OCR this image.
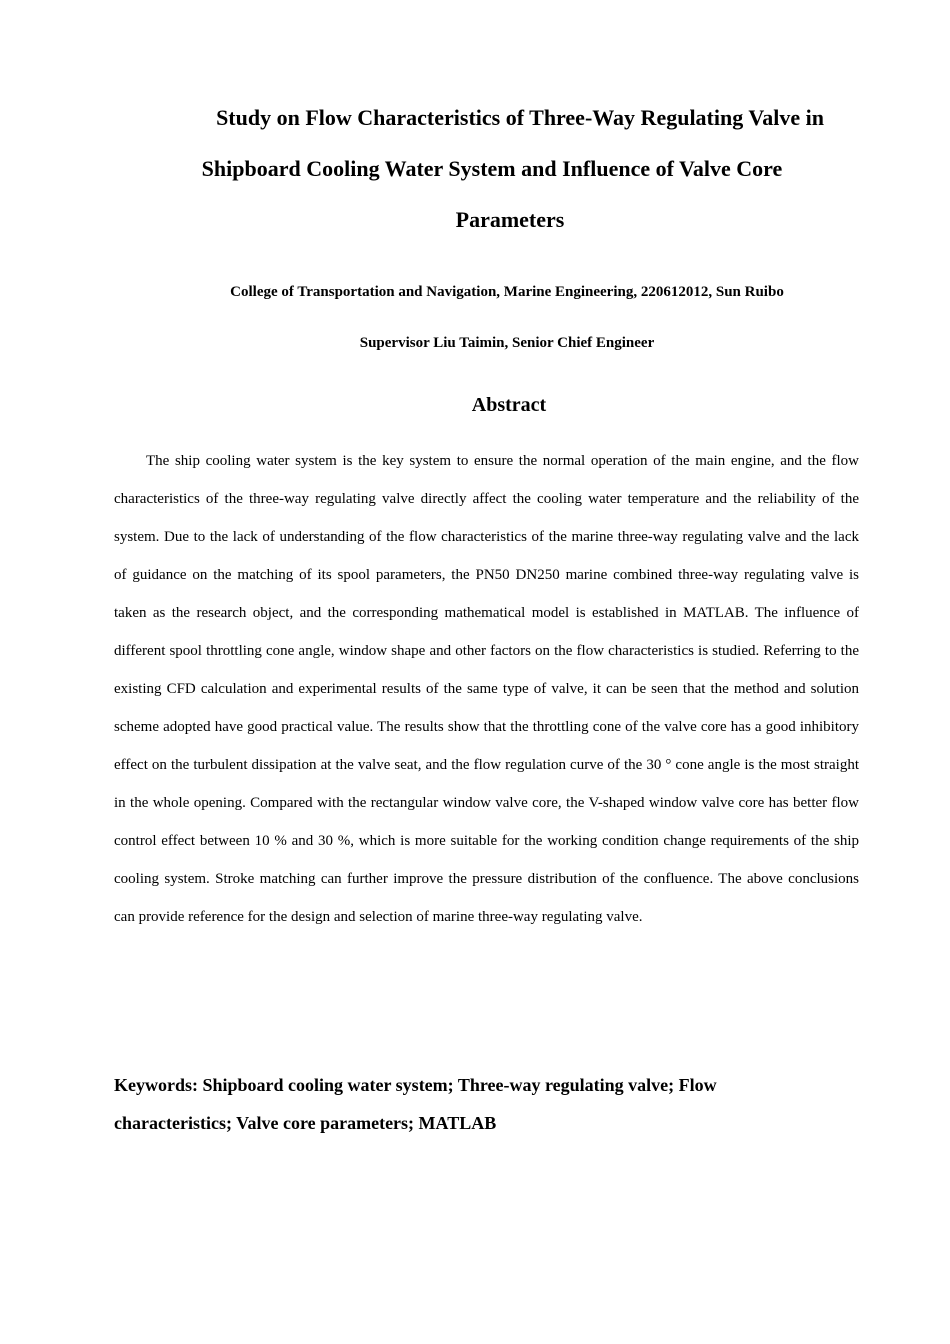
Study on Flow Characteristics of Three-Way Regulating Valve in
Shipboard Cooling Water System and Influence of Valve Core
Parameters
College of Transportation and Navigation, Marine Engineering, 220612012, Sun Ruibo
Supervisor Liu Taimin, Senior Chief Engineer
Abstract

The ship cooling water system is the key system to ensure the normal operation of the main engine, and the flow characteristics of the three-way regulating valve directly affect the cooling water temperature and the reliability of the system. Due to the lack of understanding of the flow characteristics of the marine three-way regulating valve and the lack of guidance on the matching of its spool parameters, the PN50 DN250 marine combined three-way regulating valve is taken as the research object, and the corresponding mathematical model is established in MATLAB. The influence of different spool throttling cone angle, window shape and other factors on the flow characteristics is studied. Referring to the existing CFD calculation and experimental results of the same type of valve, it can be seen that the method and solution scheme adopted have good practical value. The results show that the throttling cone of the valve core has a good inhibitory effect on the turbulent dissipation at the valve seat, and the flow regulation curve of the 30 ° cone angle is the most straight in the whole opening. Compared with the rectangular window valve core, the V-shaped window valve core has better flow control effect between 10 % and 30 %, which is more suitable for the working condition change requirements of the ship cooling system. Stroke matching can further improve the pressure distribution of the confluence. The above conclusions can provide reference for the design and selection of marine three-way regulating valve.

Keywords: Shipboard cooling water system; Three-way regulating valve; Flow characteristics; Valve core parameters; MATLAB
